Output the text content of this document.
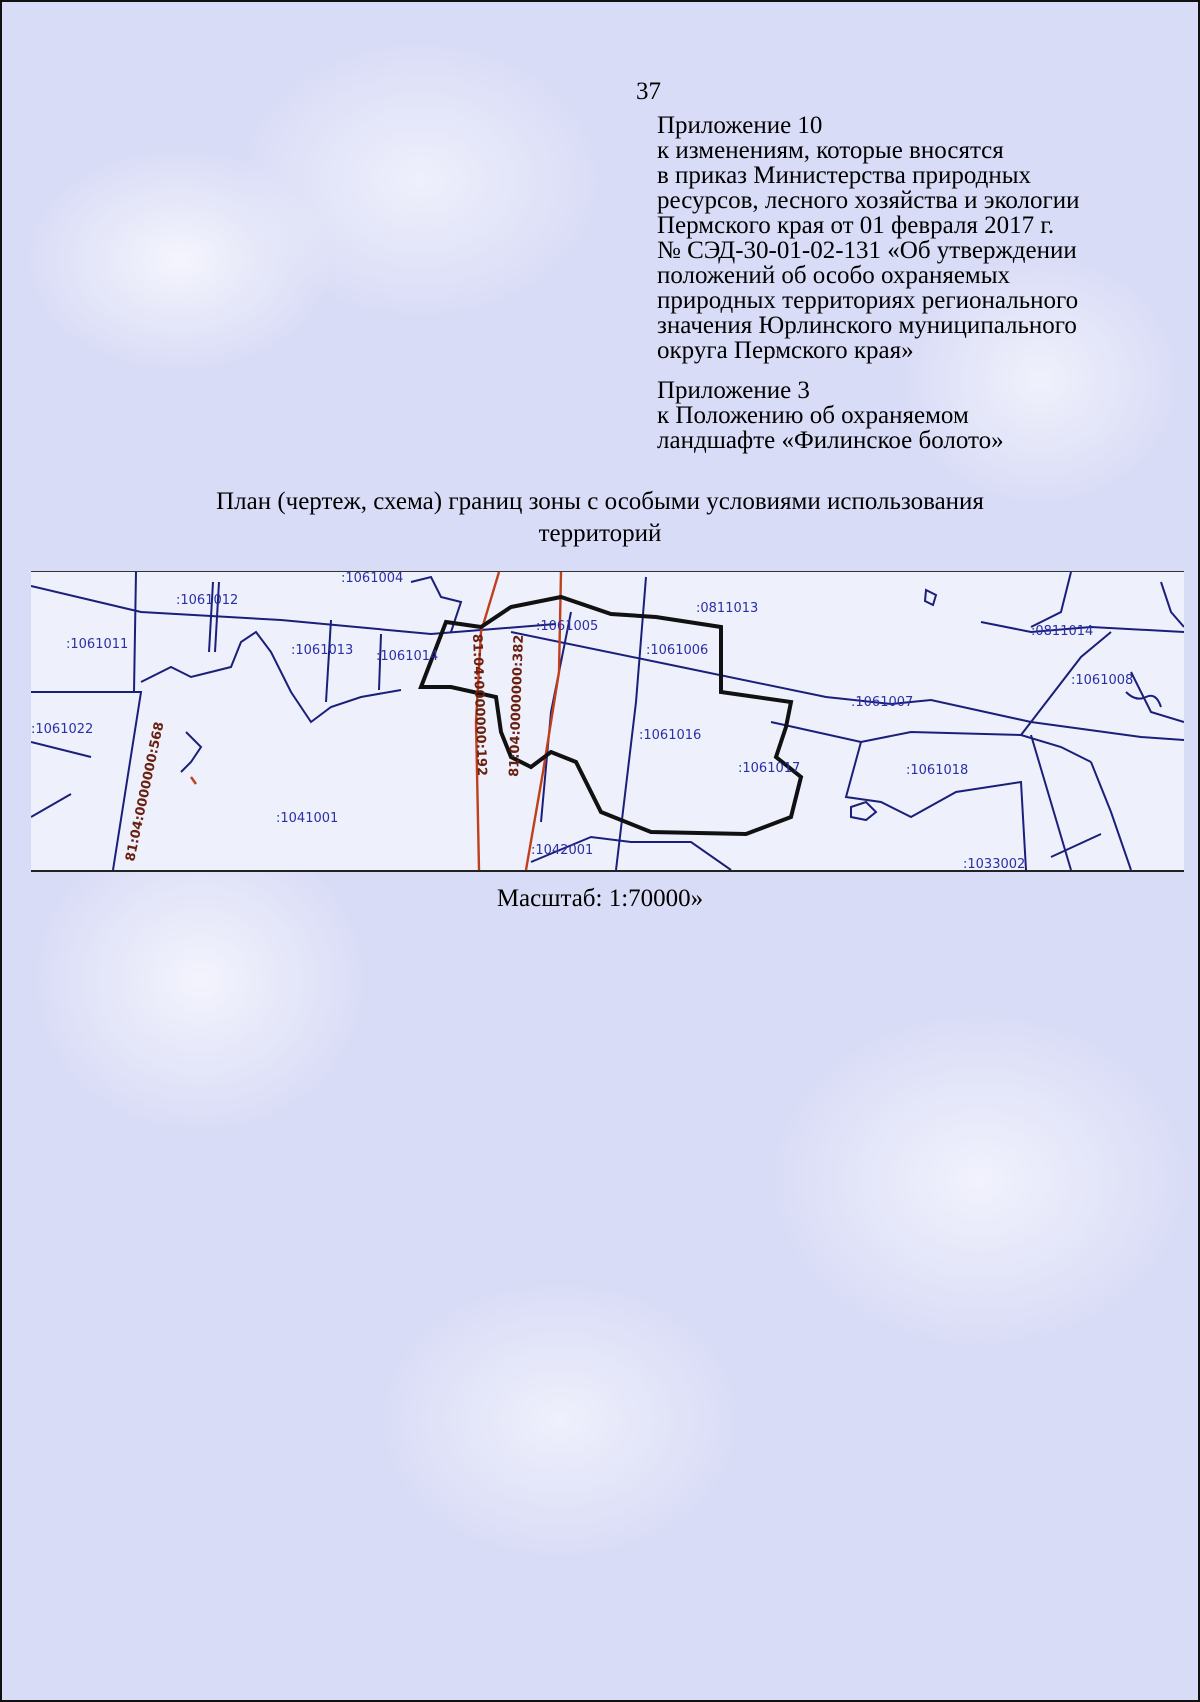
37
Приложение 10
к изменениям, которые вносятся
в приказ Министерства природных
ресурсов, лесного хозяйства и экологии
Пермского края от 01 февраля 2017 г.
№ СЭД-30-01-02-131 «Об утверждении
положений об особо охраняемых
природных территориях регионального
значения Юрлинского муниципального
округа Пермского края»
Приложение 3
к Положению об охраняемом
ландшафте «Филинское болото»
План (чертеж, схема) границ зоны с особыми условиями использования
территорий
:1061004
:1061012
:1061011	:1061013 :1061014
:1061005
:1061006
:0811013
:0811014
:1061008
:1061007
:1061022	:1061016
:1061017	:1061018
:1041001
:1042001
:1033002
81:04:0000000:568
81:04:0000000:192 81:04:0000000:382
Масштаб: 1:70000»
